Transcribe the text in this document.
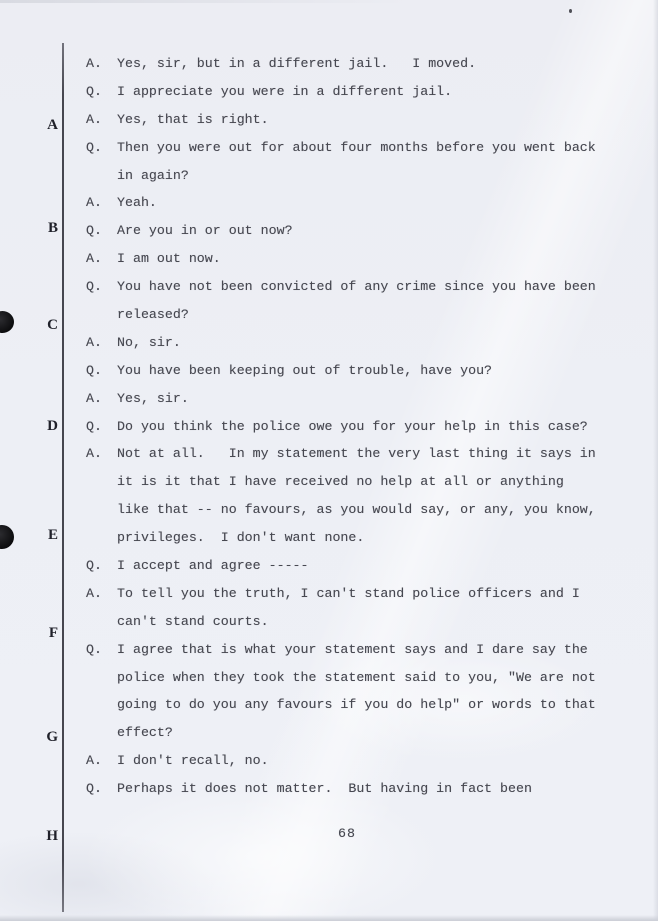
A
B
C
D
E
F
G
H
A.	Yes, sir, but in a different jail.   I moved.
Q.	I appreciate you were in a different jail.
A.	Yes, that is right.
Q.	Then you were out for about four months before you went back
in again?
A.	Yeah.
Q.	Are you in or out now?
A.	I am out now.
Q.	You have not been convicted of any crime since you have been
released?
A.	No, sir.
Q.	You have been keeping out of trouble, have you?
A.	Yes, sir.
Q.	Do you think the police owe you for your help in this case?
A.	Not at all.   In my statement the very last thing it says in
it is it that I have received no help at all or anything
like that -- no favours, as you would say, or any, you know,
privileges.  I don't want none.
Q.	I accept and agree -----
A.	To tell you the truth, I can't stand police officers and I
can't stand courts.
Q.	I agree that is what your statement says and I dare say the
police when they took the statement said to you, "We are not
going to do you any favours if you do help" or words to that
effect?
A.	I don't recall, no.
Q.	Perhaps it does not matter.  But having in fact been
68
